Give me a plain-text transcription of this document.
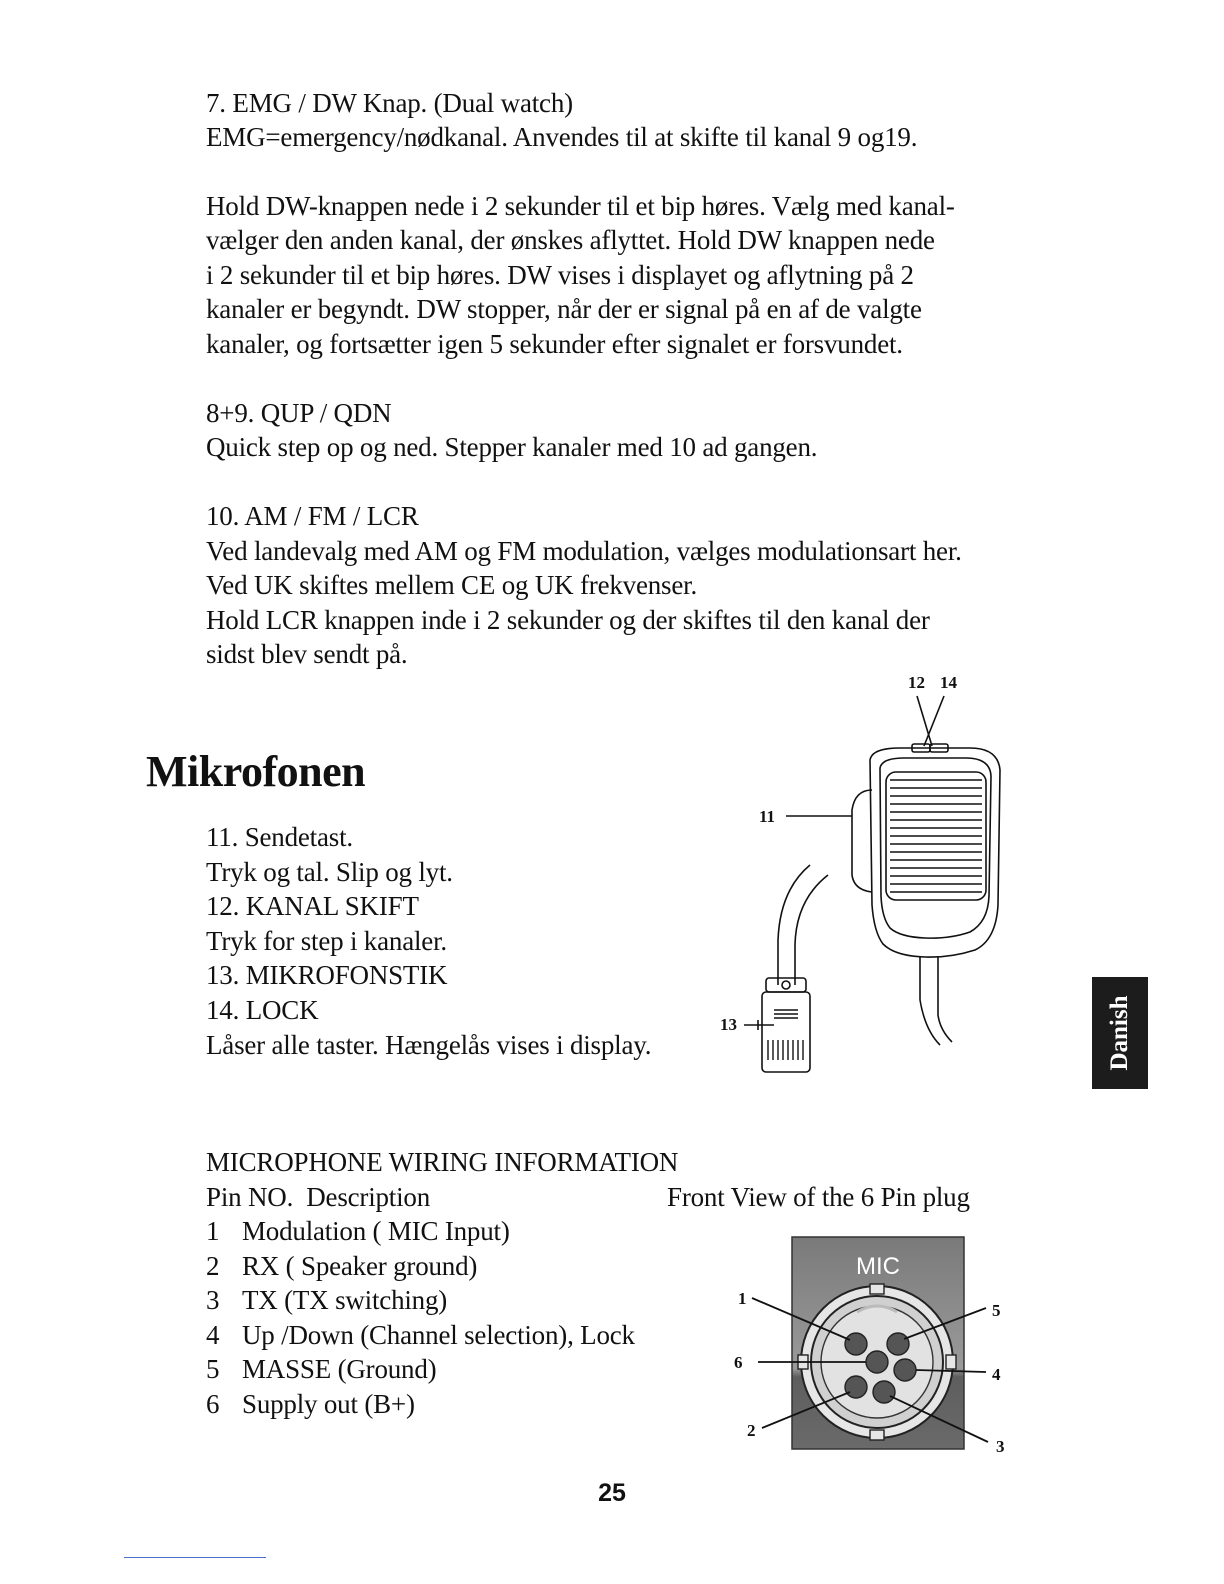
7. EMG / DW Knap. (Dual watch)
EMG=emergency/nødkanal. Anvendes til at skifte til kanal 9 og19.
Hold DW-knappen nede i 2 sekunder til et bip høres. Vælg med kanal-
vælger den anden kanal, der ønskes aflyttet. Hold DW knappen nede
i 2 sekunder til et bip høres. DW vises i displayet og aflytning på 2
kanaler er begyndt. DW stopper, når der er signal på en af de valgte
kanaler, og fortsætter igen 5 sekunder efter signalet er forsvundet.
8+9. QUP / QDN
Quick step op og ned. Stepper kanaler med 10 ad gangen.
10. AM / FM / LCR
Ved landevalg med AM og FM modulation, vælges modulationsart her.
Ved UK skiftes mellem CE og UK frekvenser.
Hold LCR knappen inde i 2 sekunder og der skiftes til den kanal der
sidst blev sendt på.
Mikrofonen
11. Sendetast.
Tryk og tal. Slip og lyt.
12. KANAL SKIFT
Tryk for step i kanaler.
13. MIKROFONSTIK
14. LOCK
Låser alle taster. Hængelås vises i display.
12 14
11
13	Danish
MICROPHONE WIRING INFORMATION
Pin NO. Description	Front View of the 6 Pin plug
1 Modulation ( MIC Input)
2 RX ( Speaker ground)
3 TX (TX switching)
4 Up /Down (Channel selection), Lock
5 MASSE (Ground)
6 Supply out (B+)
MIC
1
5
6
4
2
3
25
